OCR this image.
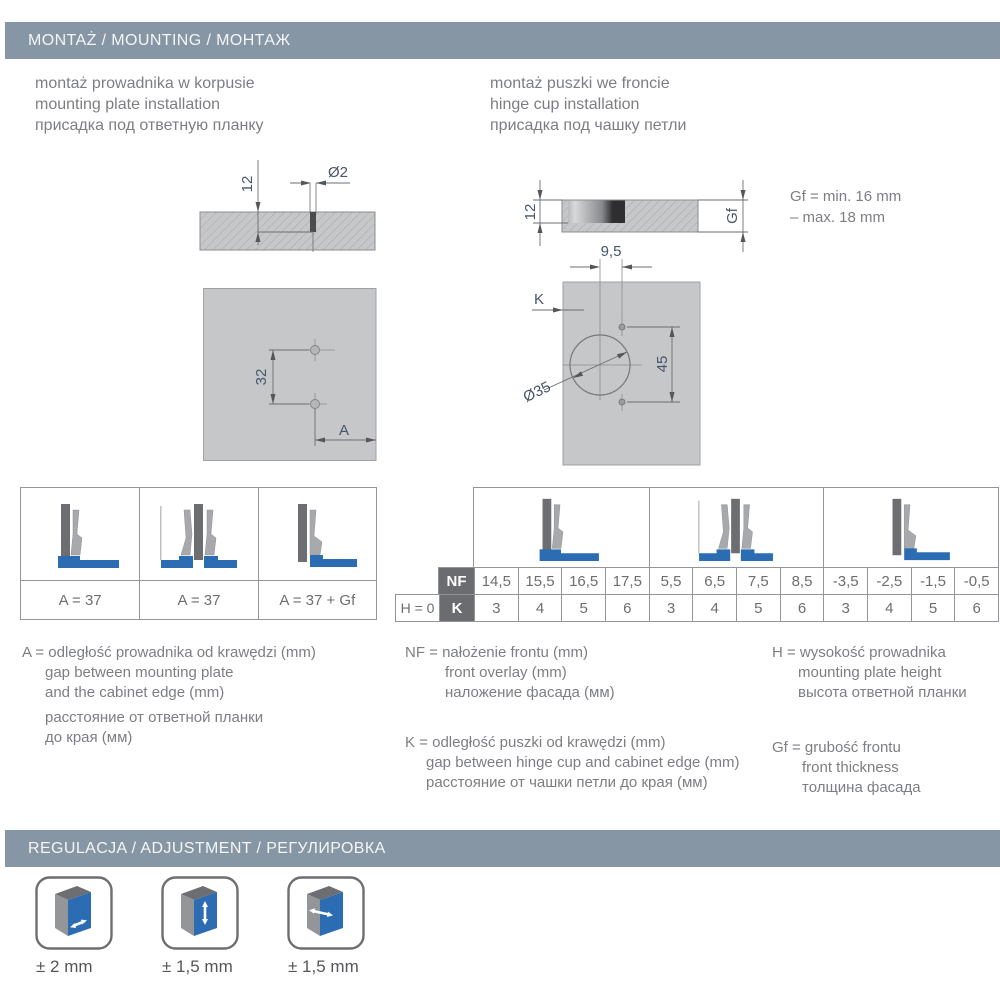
MONTAŻ / MOUNTING / МОНТАЖ
montaż prowadnika w korpusie
mounting plate installation
присадка под ответную планку
montaż puszki we froncie
hinge cup installation
присадка под чашку петли
12
Ø2
32
A
12	Gf
Gf = min. 16 mm
– max. 18 mm
9,5
K
45
Ø35
A = 37	A = 37	A = 37 + Gf
NF	14,5 15,5 16,5 17,5	5,5	6,5	7,5	8,5	-3,5	-2,5	-1,5	-0,5
H = 0	K	3	4	5	6	3	4	5	6	3	4	5	6
A = odległość prowadnika od krawędzi (mm)
gap between mounting plate
and the cabinet edge (mm)
расстояние от ответной планки
до края (мм)
NF = nałożenie frontu (mm)
front overlay (mm)
наложение фасада (мм)
K = odległość puszki od krawędzi (mm)
gap between hinge cup and cabinet edge (mm)
расстояние от чашки петли до края (мм)
H = wysokość prowadnika
mounting plate height
высота ответной планки
Gf = grubość frontu
front thickness
толщина фасада
REGULACJA / ADJUSTMENT / РЕГУЛИРОВКА
± 2 mm	± 1,5 mm	± 1,5 mm
